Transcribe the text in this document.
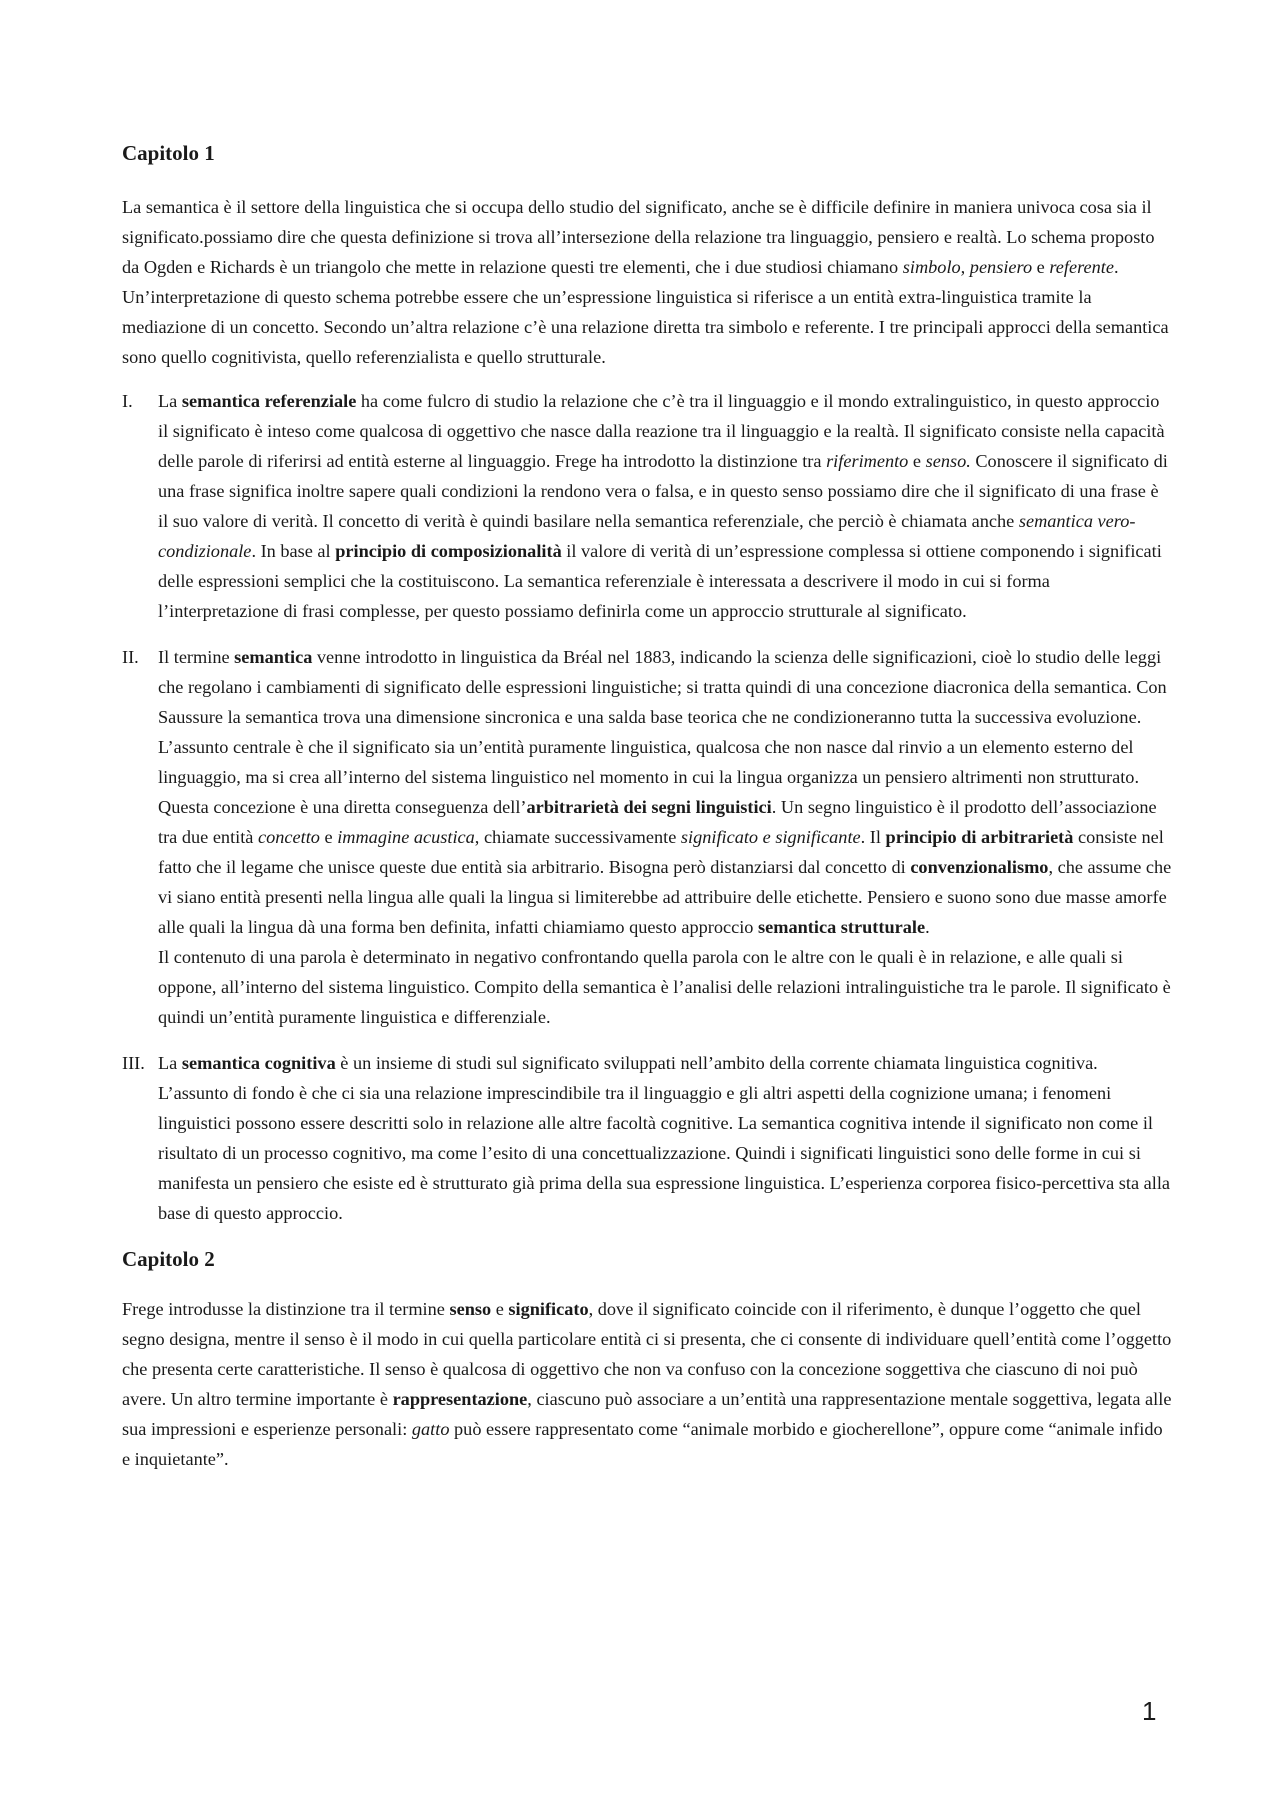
Capitolo 1

La semantica è il settore della linguistica che si occupa dello studio del significato, anche se è difficile definire in maniera univoca cosa sia il significato.possiamo dire che questa definizione si trova all’intersezione della relazione tra linguaggio, pensiero e realtà. Lo schema proposto da Ogden e Richards è un triangolo che mette in relazione questi tre elementi, che i due studiosi chiamano simbolo, pensiero e referente. Un’interpretazione di questo schema potrebbe essere che un’espressione linguistica si riferisce a un entità extra-linguistica tramite la mediazione di un concetto. Secondo un’altra relazione c’è una relazione diretta tra simbolo e referente. I tre principali approcci della semantica sono quello cognitivista, quello referenzialista e quello strutturale.

I. La semantica referenziale ha come fulcro di studio la relazione che c’è tra il linguaggio e il mondo extralinguistico, in questo approccio il significato è inteso come qualcosa di oggettivo che nasce dalla reazione tra il linguaggio e la realtà. Il significato consiste nella capacità delle parole di riferirsi ad entità esterne al linguaggio. Frege ha introdotto la distinzione tra riferimento e senso. Conoscere il significato di una frase significa inoltre sapere quali condizioni la rendono vera o falsa, e in questo senso possiamo dire che il significato di una frase è il suo valore di verità. Il concetto di verità è quindi basilare nella semantica referenziale, che perciò è chiamata anche semantica vero-condizionale. In base al principio di composizionalità il valore di verità di un’espressione complessa si ottiene componendo i significati delle espressioni semplici che la costituiscono. La semantica referenziale è interessata a descrivere il modo in cui si forma l’interpretazione di frasi complesse, per questo possiamo definirla come un approccio strutturale al significato.
II. Il termine semantica venne introdotto in linguistica da Bréal nel 1883, indicando la scienza delle significazioni, cioè lo studio delle leggi che regolano i cambiamenti di significato delle espressioni linguistiche; si tratta quindi di una concezione diacronica della semantica. Con Saussure la semantica trova una dimensione sincronica e una salda base teorica che ne condizioneranno tutta la successiva evoluzione. L’assunto centrale è che il significato sia un’entità puramente linguistica, qualcosa che non nasce dal rinvio a un elemento esterno del linguaggio, ma si crea all’interno del sistema linguistico nel momento in cui la lingua organizza un pensiero altrimenti non strutturato. Questa concezione è una diretta conseguenza dell’arbitrarietà dei segni linguistici. Un segno linguistico è il prodotto dell’associazione tra due entità concetto e immagine acustica, chiamate successivamente significato e significante. Il principio di arbitrarietà consiste nel fatto che il legame che unisce queste due entità sia arbitrario. Bisogna però distanziarsi dal concetto di convenzionalismo, che assume che vi siano entità presenti nella lingua alle quali la lingua si limiterebbe ad attribuire delle etichette. Pensiero e suono sono due masse amorfe alle quali la lingua dà una forma ben definita, infatti chiamiamo questo approccio semantica strutturale.
Il contenuto di una parola è determinato in negativo confrontando quella parola con le altre con le quali è in relazione, e alle quali si oppone, all’interno del sistema linguistico. Compito della semantica è l’analisi delle relazioni intralinguistiche tra le parole. Il significato è quindi un’entità puramente linguistica e differenziale.
III. La semantica cognitiva è un insieme di studi sul significato sviluppati nell’ambito della corrente chiamata linguistica cognitiva. L’assunto di fondo è che ci sia una relazione imprescindibile tra il linguaggio e gli altri aspetti della cognizione umana; i fenomeni linguistici possono essere descritti solo in relazione alle altre facoltà cognitive. La semantica cognitiva intende il significato non come il risultato di un processo cognitivo, ma come l’esito di una concettualizzazione. Quindi i significati linguistici sono delle forme in cui si manifesta un pensiero che esiste ed è strutturato già prima della sua espressione linguistica. L’esperienza corporea fisico-percettiva sta alla base di questo approccio.
Capitolo 2

Frege introdusse la distinzione tra il termine senso e significato, dove il significato coincide con il riferimento, è dunque l’oggetto che quel segno designa, mentre il senso è il modo in cui quella particolare entità ci si presenta, che ci consente di individuare quell’entità come l’oggetto che presenta certe caratteristiche. Il senso è qualcosa di oggettivo che non va confuso con la concezione soggettiva che ciascuno di noi può avere. Un altro termine importante è rappresentazione, ciascuno può associare a un’entità una rappresentazione mentale soggettiva, legata alle sua impressioni e esperienze personali: gatto può essere rappresentato come “animale morbido e giocherellone”, oppure come “animale infido e inquietante”.

1
